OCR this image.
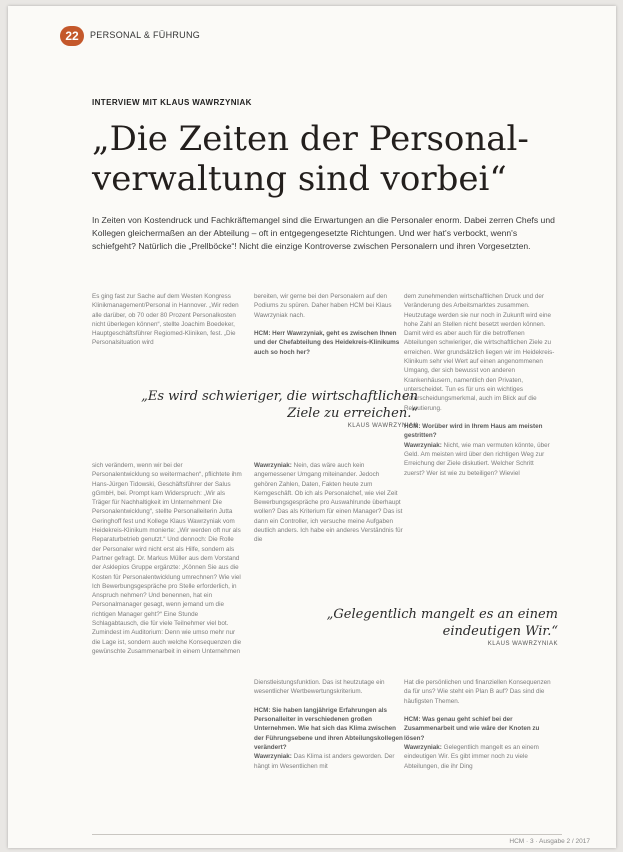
22	PERSONAL & FÜHRUNG
INTERVIEW MIT KLAUS WAWRZYNIAK
„Die Zeiten der Personal-verwaltung sind vorbei“

In Zeiten von Kostendruck und Fachkräftemangel sind die Erwartungen an die Personaler enorm. Dabei zerren Chefs und Kollegen gleichermaßen an der Abteilung – oft in entgegengesetzte Richtungen. Und wer hat's verbockt, wenn's schiefgeht? Natürlich die „Prellböcke“! Nicht die einzige Kontroverse zwischen Personalern und ihren Vorgesetzten.

Es ging fast zur Sache auf dem Westen Kongress Klinikmanagement/Personal in Hannover. „Wir reden alle darüber, ob 70 oder 80 Prozent Personalkosten nicht überlegen können“, stellte Joachim Boedeker, Hauptgeschäftsführer Regiomed-Kliniken, fest. „Die Personalsituation wird

bereiten, wir gerne bei den Personalern auf den Podiums zu spüren. Daher haben HCM bei Klaus Wawrzyniak nach.

HCM: Herr Wawrzyniak, geht es zwischen Ihnen und der Chefabteilung des Heidekreis-Klinikums auch so hoch her?
dem zunehmenden wirtschaftlichen Druck und der Veränderung des Arbeitsmarktes zusammen. Heutzutage werden sie nur noch in Zukunft wird eine hohe Zahl an Stellen nicht besetzt werden können. Damit wird es aber auch für die betroffenen Abteilungen schwieriger, die wirtschaftlichen Ziele zu erreichen. Wer grundsätzlich liegen wir im Heidekreis-Klinikum sehr viel Wert auf einen angenommenen Umgang, der sich bewusst von anderen Krankenhäusern, namentlich den Privaten, unterscheidet. Tun es für uns ein wichtiges Unterscheidungsmerkmal, auch im Blick auf die Rekrutierung.

HCM: Worüber wird in Ihrem Haus am meisten gestritten?
Wawrzyniak: Nicht, wie man vermuten könnte, über Geld. Am meisten wird über den richtigen Weg zur Erreichung der Ziele diskutiert. Welcher Schritt zuerst? Wer ist wie zu beteiligen? Wieviel
„Es wird schwieriger, die wirtschaftlichen Ziele zu erreichen.“
KLAUS WAWRZYNIAK
sich verändern, wenn wir bei der Personalentwicklung so weitermachen“, pflichtete ihm Hans-Jürgen Tidowski, Geschäftsführer der Salus gGmbH, bei. Prompt kam Widerspruch: „Wir als Träger für Nachhaltigkeit im Unternehmen! Die Personalentwicklung“, stellte Personalleiterin Jutta Geringhoff fest und Kollege Klaus Wawrzyniak vom Heidekreis-Klinikum monierte: „Wir werden oft nur als Reparaturbetrieb genutzt.“ Und dennoch: Die Rolle der Personaler wird nicht erst als Hilfe, sondern als Partner gefragt. Dr. Markus Müller aus dem Vorstand der Asklepios Gruppe ergänzte: „Können Sie aus die Kosten für Personalentwicklung umrechnen? Wie viel Ich Bewerbungsgespräche pro Stelle erforderlich, in Anspruch nehmen? Und benennen, hat ein Personalmanager gesagt, wenn jemand um die richtigen Manager geht?“ Eine Stunde Schlagabtausch, die für viele Teilnehmer viel bot. Zumindest im Auditorium: Denn wie umso mehr nur die Lage ist, sondern auch welche Konsequenzen die gewünschte Zusammenarbeit in einem Unternehmen
Wawrzyniak: Nein, das wäre auch kein angemessener Umgang miteinander. Jedoch gehören Zahlen, Daten, Fakten heute zum Kerngeschäft. Ob ich als Personalchef, wie viel Zeit Bewerbungsgespräche pro Auswahlrunde überhaupt wollen? Das als Kriterium für einen Manager? Das ist dann ein Controller, ich versuche meine Aufgaben deutlich anders. Ich habe ein anderes Verständnis für die
„Gelegentlich mangelt es an einem eindeutigen Wir.“
KLAUS WAWRZYNIAK
Dienstleistungsfunktion. Das ist heutzutage ein wesentlicher Wertbewertungskriterium.

HCM: Sie haben langjährige Erfahrungen als Personalleiter in verschiedenen großen Unternehmen. Wie hat sich das Klima zwischen der Führungsebene und ihren Abteilungskollegen verändert?
Wawrzyniak: Das Klima ist anders geworden. Der hängt im Wesentlichen mit
Hat die persönlichen und finanziellen Konsequenzen da für uns? Wie steht ein Plan B auf? Das sind die häufigsten Themen.

HCM: Was genau geht schief bei der Zusammenarbeit und wie wäre der Knoten zu lösen?
Wawrzyniak: Gelegentlich mangelt es an einem eindeutigen Wir. Es gibt immer noch zu viele Abteilungen, die ihr Ding
HCM · 3 · Ausgabe 2 / 2017
